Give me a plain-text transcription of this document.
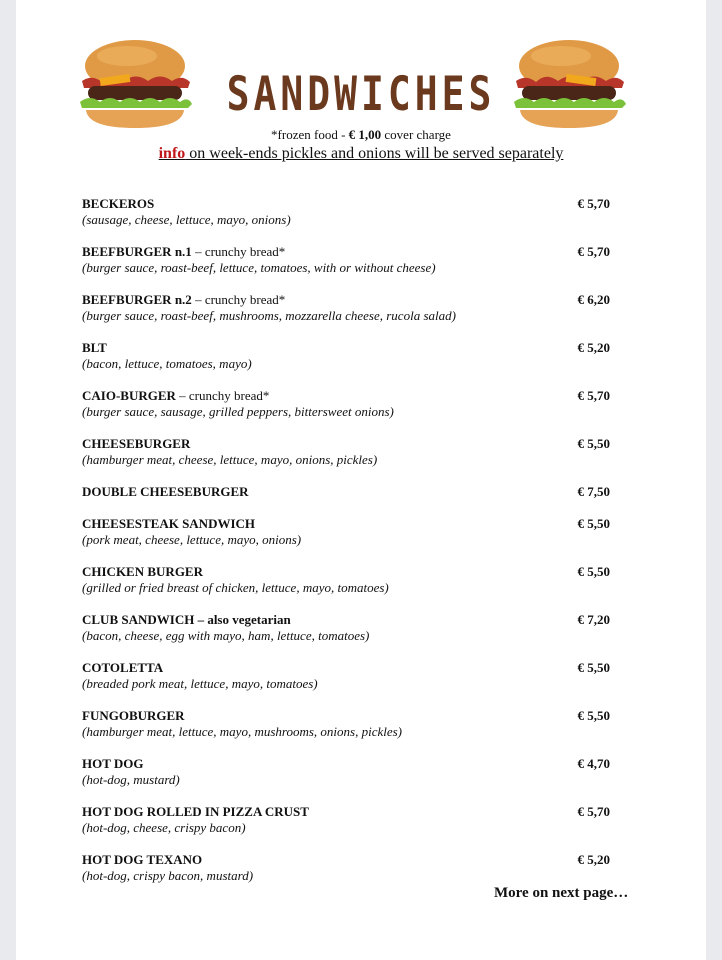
SANDWICHES
*frozen food - € 1,00 cover charge
info on week-ends pickles and onions will be served separately
BECKEROS
(sausage, cheese, lettuce, mayo, onions)
€ 5,70
BEEFBURGER n.1 – crunchy bread*
(burger sauce, roast-beef, lettuce, tomatoes, with or without cheese)
€ 5,70
BEEFBURGER n.2 – crunchy bread*
(burger sauce, roast-beef, mushrooms, mozzarella cheese, rucola salad)
€ 6,20
BLT
(bacon, lettuce, tomatoes, mayo)
€ 5,20
CAIO-BURGER – crunchy bread*
(burger sauce, sausage, grilled peppers, bittersweet onions)
€ 5,70
CHEESEBURGER
(hamburger meat, cheese, lettuce, mayo, onions, pickles)
€ 5,50
DOUBLE CHEESEBURGER	€ 7,50
CHEESESTEAK SANDWICH
(pork meat, cheese, lettuce, mayo, onions)
€ 5,50
CHICKEN BURGER
(grilled or fried breast of chicken, lettuce, mayo, tomatoes)
€ 5,50
CLUB SANDWICH – also vegetarian
(bacon, cheese, egg with mayo, ham, lettuce, tomatoes)
€ 7,20
COTOLETTA
(breaded pork meat, lettuce, mayo, tomatoes)
€ 5,50
FUNGOBURGER
(hamburger meat, lettuce, mayo, mushrooms, onions, pickles)
€ 5,50
HOT DOG
(hot-dog, mustard)
€ 4,70
HOT DOG ROLLED IN PIZZA CRUST
(hot-dog, cheese, crispy bacon)
€ 5,70
HOT DOG TEXANO
(hot-dog, crispy bacon, mustard)
€ 5,20
More on next page…
